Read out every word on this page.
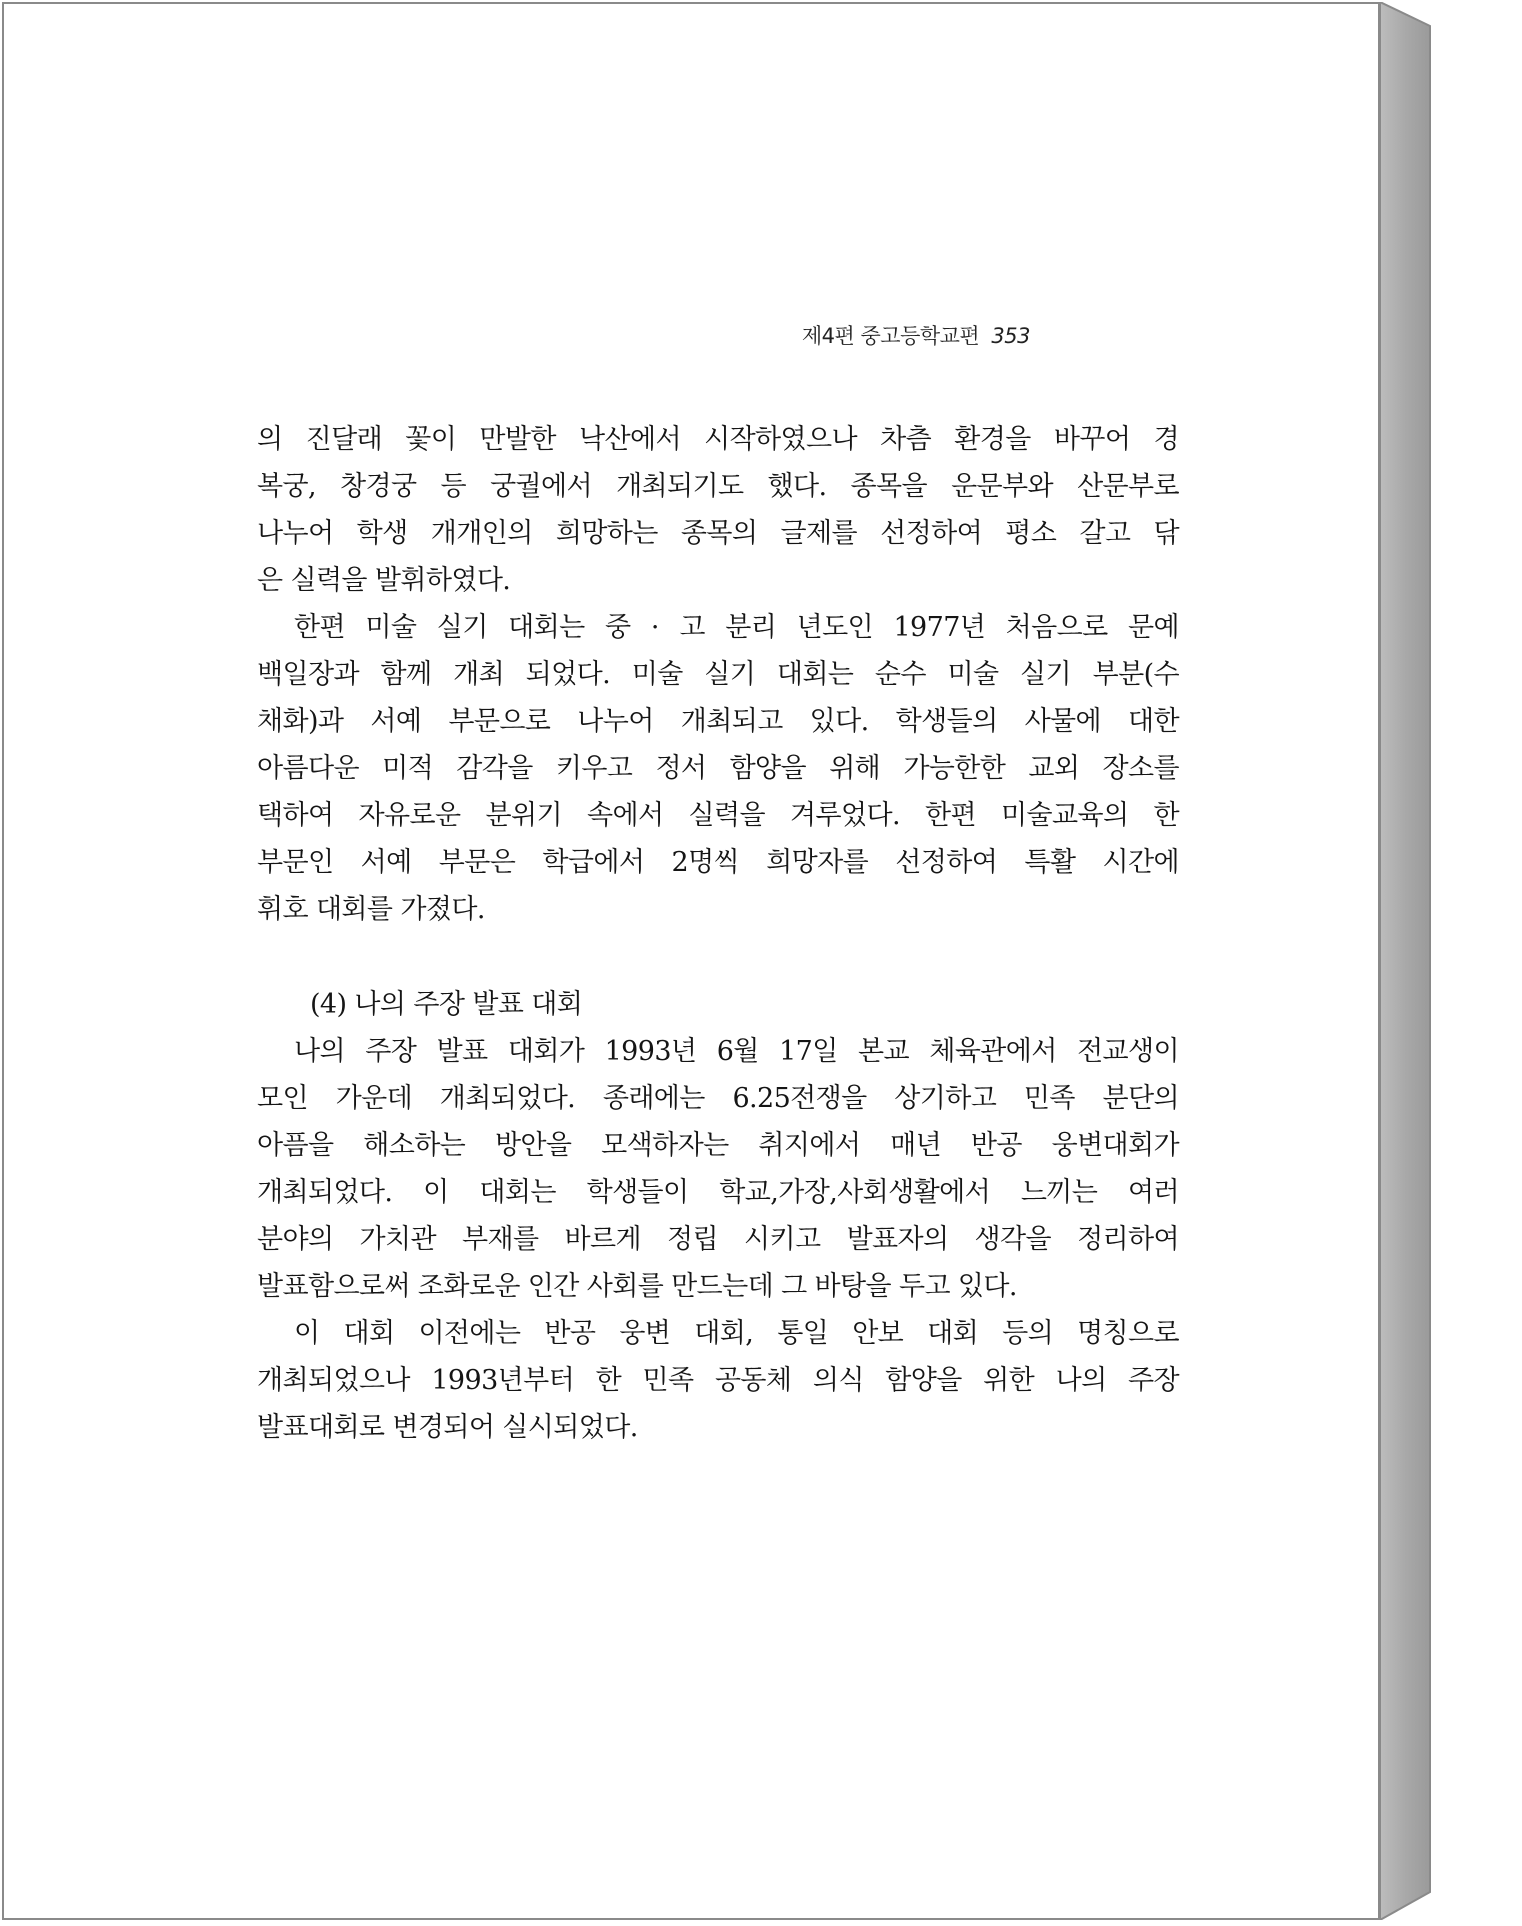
제4편 중고등학교편 353
의 진달래 꽃이 만발한 낙산에서 시작하였으나 차츰 환경을 바꾸어 경
복궁, 창경궁 등 궁궐에서 개최되기도 했다. 종목을 운문부와 산문부로
나누어 학생 개개인의 희망하는 종목의 글제를 선정하여 평소 갈고 닦
은 실력을 발휘하였다.
한편 미술 실기 대회는 중 · 고 분리 년도인 1977년 처음으로 문예
백일장과 함께 개최 되었다. 미술 실기 대회는 순수 미술 실기 부분(수
채화)과 서예 부문으로 나누어 개최되고 있다. 학생들의 사물에 대한
아름다운 미적 감각을 키우고 정서 함양을 위해 가능한한 교외 장소를
택하여 자유로운 분위기 속에서 실력을 겨루었다. 한편 미술교육의 한
부문인 서예 부문은 학급에서 2명씩 희망자를 선정하여 특활 시간에
휘호 대회를 가졌다.
(4) 나의 주장 발표 대회
나의 주장 발표 대회가 1993년 6월 17일 본교 체육관에서 전교생이
모인 가운데 개최되었다. 종래에는 6.25전쟁을 상기하고 민족 분단의
아픔을 해소하는 방안을 모색하자는 취지에서 매년 반공 웅변대회가
개최되었다. 이 대회는 학생들이 학교,가장,사회생활에서 느끼는 여러
분야의 가치관 부재를 바르게 정립 시키고 발표자의 생각을 정리하여
발표함으로써 조화로운 인간 사회를 만드는데 그 바탕을 두고 있다.
이 대회 이전에는 반공 웅변 대회, 통일 안보 대회 등의 명칭으로
개최되었으나 1993년부터 한 민족 공동체 의식 함양을 위한 나의 주장
발표대회로 변경되어 실시되었다.
